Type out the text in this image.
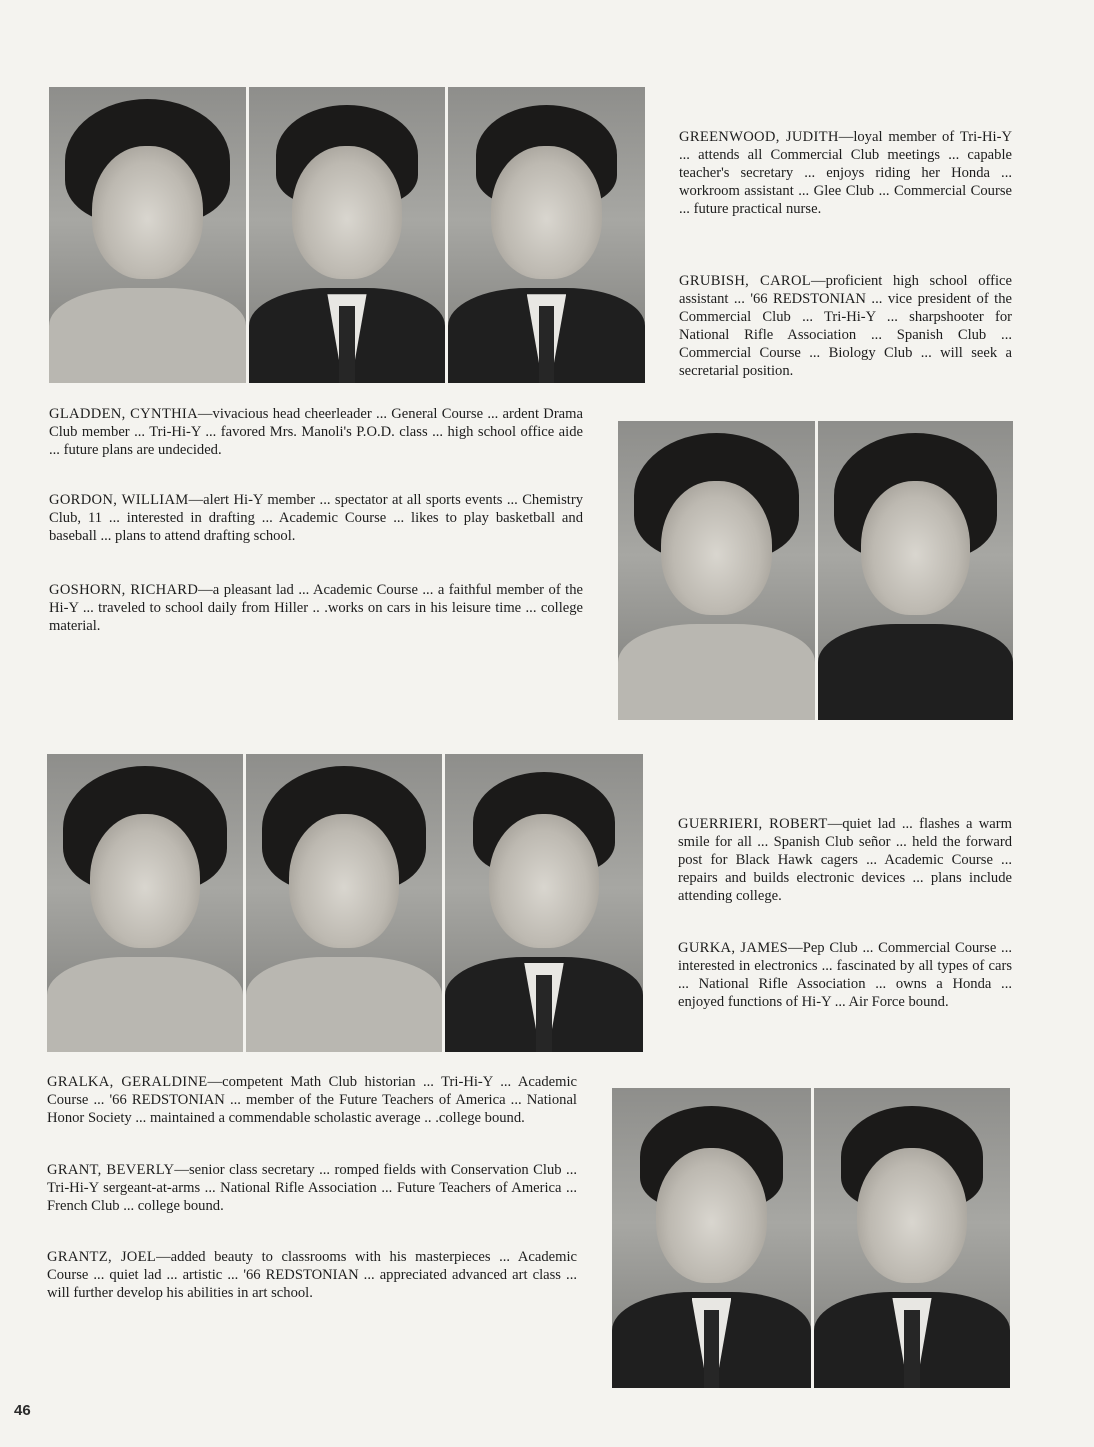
GREENWOOD, JUDITH—loyal member of Tri-Hi-Y ... attends all Commercial Club meetings ... capable teacher's secretary ... enjoys riding her Honda ... workroom assistant ... Glee Club ... Commercial Course ... future practical nurse.

GRUBISH, CAROL—proficient high school office assistant ... '66 REDSTONIAN ... vice president of the Commercial Club ... Tri-Hi-Y ... sharpshooter for National Rifle Association ... Spanish Club ... Commercial Course ... Biology Club ... will seek a secretarial position.

GLADDEN, CYNTHIA—vivacious head cheerleader ... General Course ... ardent Drama Club member ... Tri-Hi-Y ... favored Mrs. Manoli's P.O.D. class ... high school office aide ... future plans are undecided.

GORDON, WILLIAM—alert Hi-Y member ... spectator at all sports events ... Chemistry Club, 11 ... interested in drafting ... Academic Course ... likes to play basketball and baseball ... plans to attend drafting school.

GOSHORN, RICHARD—a pleasant lad ... Academic Course ... a faithful member of the Hi-Y ... traveled to school daily from Hiller .. .works on cars in his leisure time ... college material.

GUERRIERI, ROBERT—quiet lad ... flashes a warm smile for all ... Spanish Club señor ... held the forward post for Black Hawk cagers ... Academic Course ... repairs and builds electronic devices ... plans include attending college.

GURKA, JAMES—Pep Club ... Commercial Course ... interested in electronics ... fascinated by all types of cars ... National Rifle Association ... owns a Honda ... enjoyed functions of Hi-Y ... Air Force bound.

GRALKA, GERALDINE—competent Math Club historian ... Tri-Hi-Y ... Academic Course ... '66 REDSTONIAN ... member of the Future Teachers of America ... National Honor Society ... maintained a commendable scholastic average .. .college bound.

GRANT, BEVERLY—senior class secretary ... romped fields with Conservation Club ... Tri-Hi-Y sergeant-at-arms ... National Rifle Association ... Future Teachers of America ... French Club ... college bound.

GRANTZ, JOEL—added beauty to classrooms with his masterpieces ... Academic Course ... quiet lad ... artistic ... '66 REDSTONIAN ... appreciated advanced art class ... will further develop his abilities in art school.

46
